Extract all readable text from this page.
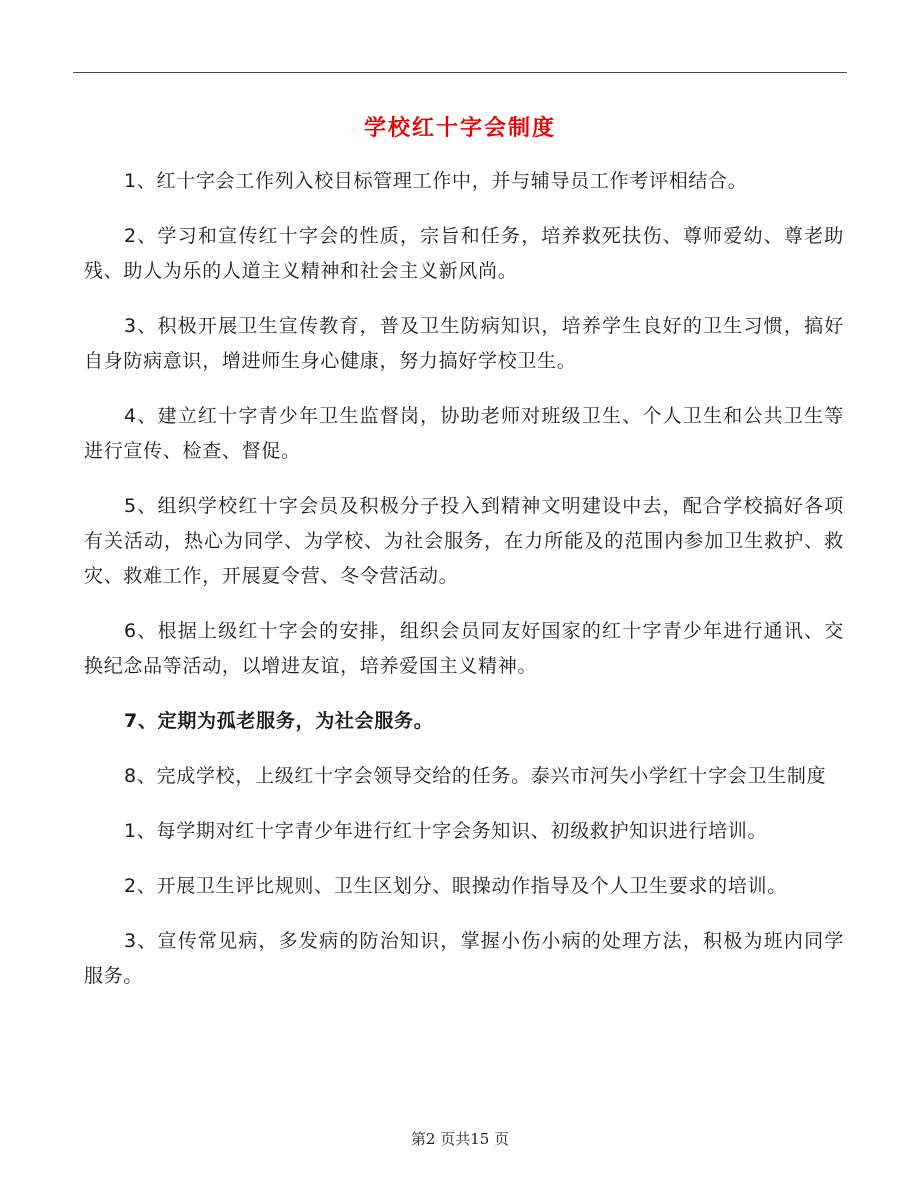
学校红十字会制度

1、红十字会工作列入校目标管理工作中，并与辅导员工作考评相结合。

2、学习和宣传红十字会的性质，宗旨和任务，培养救死扶伤、尊师爱幼、尊老助残、助人为乐的人道主义精神和社会主义新风尚。

3、积极开展卫生宣传教育，普及卫生防病知识，培养学生良好的卫生习惯，搞好自身防病意识，增进师生身心健康，努力搞好学校卫生。

4、建立红十字青少年卫生监督岗，协助老师对班级卫生、个人卫生和公共卫生等进行宣传、检查、督促。

5、组织学校红十字会员及积极分子投入到精神文明建设中去，配合学校搞好各项有关活动，热心为同学、为学校、为社会服务，在力所能及的范围内参加卫生救护、救灾、救难工作，开展夏令营、冬令营活动。

6、根据上级红十字会的安排，组织会员同友好国家的红十字青少年进行通讯、交换纪念品等活动，以增进友谊，培养爱国主义精神。

7、定期为孤老服务，为社会服务。

8、完成学校，上级红十字会领导交给的任务。泰兴市河失小学红十字会卫生制度

1、每学期对红十字青少年进行红十字会务知识、初级救护知识进行培训。

2、开展卫生评比规则、卫生区划分、眼操动作指导及个人卫生要求的培训。

3、宣传常见病，多发病的防治知识，掌握小伤小病的处理方法，积极为班内同学服务。

第2 页共15 页
